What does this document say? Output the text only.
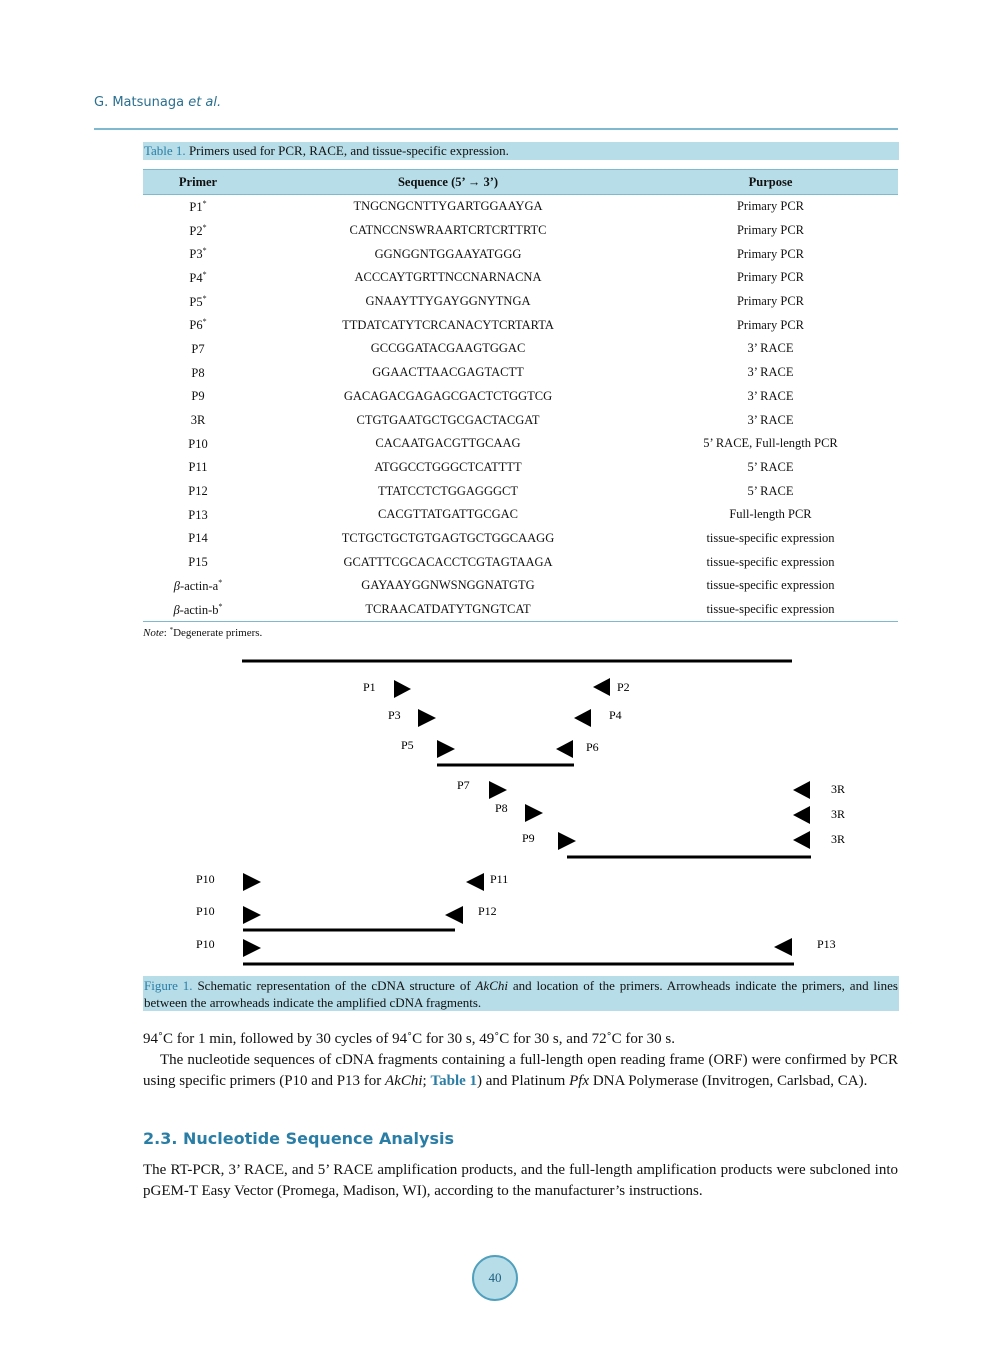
G. Matsunaga et al.
Table 1. Primers used for PCR, RACE, and tissue-specific expression.
Primer	Sequence (5’ → 3’)	Purpose
P1*	TNGCNGCNTTYGARTGGAAYGA	Primary PCR
P2*	CATNCCNSWRAARTCRTCRTTRTC	Primary PCR
P3*	GGNGGNTGGAAYATGGG	Primary PCR
P4*	ACCCAYTGRTTNCCNARNACNA	Primary PCR
P5*	GNAAYTTYGAYGGNYTNGA	Primary PCR
P6*	TTDATCATYTCRCANACYTCRTARTA	Primary PCR
P7	GCCGGATACGAAGTGGAC	3’ RACE
P8	GGAACTTAACGAGTACTT	3’ RACE
P9	GACAGACGAGAGCGACTCTGGTCG	3’ RACE
3R	CTGTGAATGCTGCGACTACGAT	3’ RACE
P10	CACAATGACGTTGCAAG	5’ RACE, Full-length PCR
P11	ATGGCCTGGGCTCATTTT	5’ RACE
P12	TTATCCTCTGGAGGGCT	5’ RACE
P13	CACGTTATGATTGCGAC	Full-length PCR
P14	TCTGCTGCTGTGAGTGCTGGCAAGG	tissue-specific expression
P15	GCATTTCGCACACCTCGTAGTAAGA	tissue-specific expression
β-actin-a*	GAYAAYGGNWSNGGNATGTG	tissue-specific expression
β-actin-b*	TCRAACATDATYTGNGTCAT	tissue-specific expression
Note: *Degenerate primers.
P1	P2
P3	P4
P5	P6
P7
P8
P9
3R
3R
3R
P10	P11
P10	P12
P10	P13
Figure 1. Schematic representation of the cDNA structure of AkChi and location of the primers. Arrowheads indicate the primers, and lines between the arrowheads indicate the amplified cDNA fragments.
94˚C for 1 min, followed by 30 cycles of 94˚C for 30 s, 49˚C for 30 s, and 72˚C for 30 s.
The nucleotide sequences of cDNA fragments containing a full-length open reading frame (ORF) were confirmed by PCR using specific primers (P10 and P13 for AkChi; Table 1) and Platinum Pfx DNA Polymerase (Invitrogen, Carlsbad, CA).
2.3. Nucleotide Sequence Analysis
The RT-PCR, 3’ RACE, and 5’ RACE amplification products, and the full-length amplification products were subcloned into pGEM-T Easy Vector (Promega, Madison, WI), according to the manufacturer’s instructions.
40
